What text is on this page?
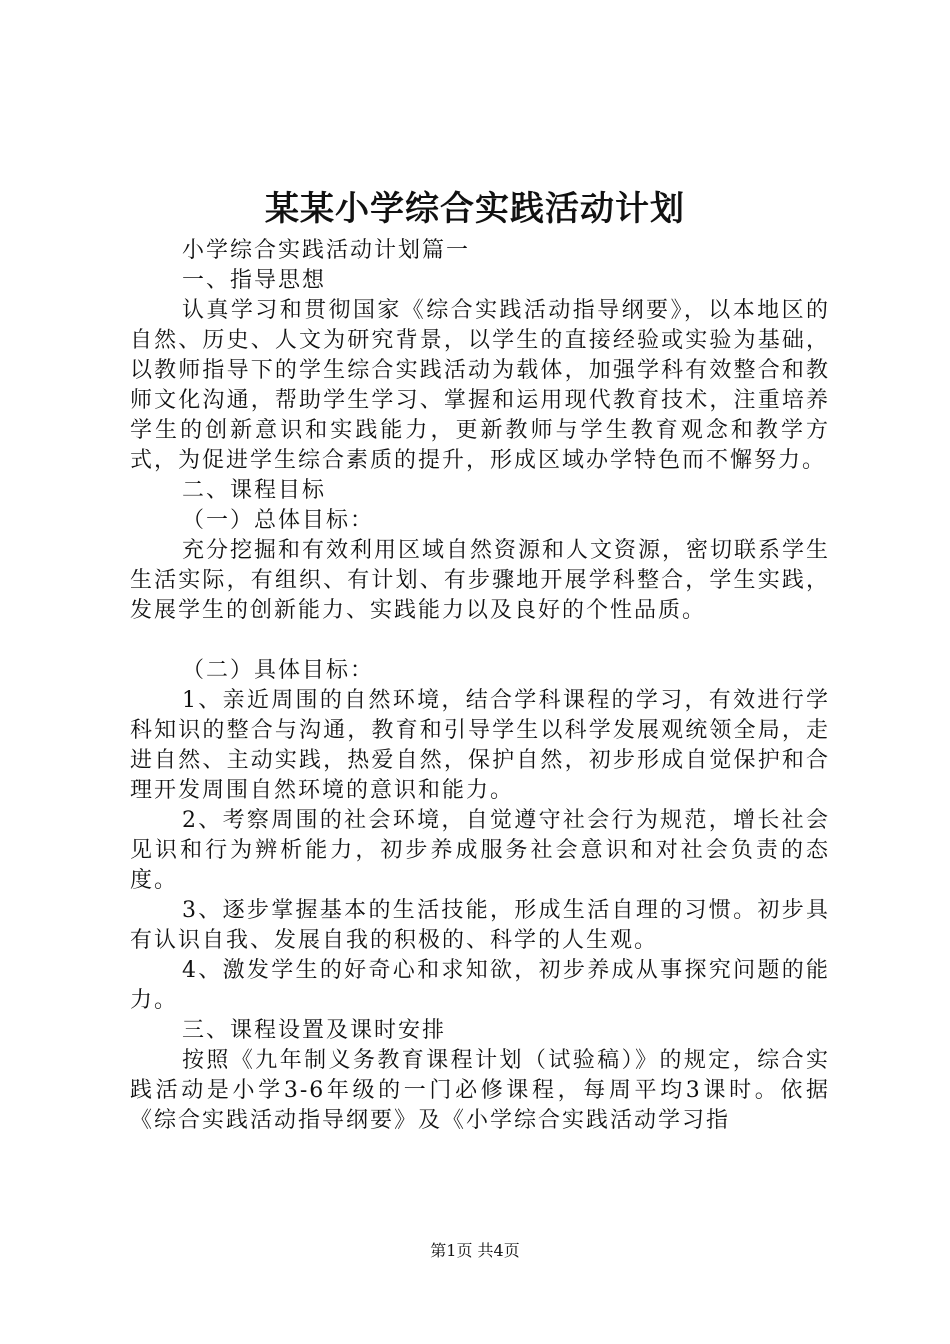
某某小学综合实践活动计划

小学综合实践活动计划篇一

一、指导思想

认真学习和贯彻国家《综合实践活动指导纲要》，以本地区的自然、历史、人文为研究背景，以学生的直接经验或实验为基础，以教师指导下的学生综合实践活动为载体，加强学科有效整合和教师文化沟通，帮助学生学习、掌握和运用现代教育技术，注重培养学生的创新意识和实践能力，更新教师与学生教育观念和教学方式，为促进学生综合素质的提升，形成区域办学特色而不懈努力。

二、课程目标

（一）总体目标：

充分挖掘和有效利用区域自然资源和人文资源，密切联系学生生活实际，有组织、有计划、有步骤地开展学科整合，学生实践，发展学生的创新能力、实践能力以及良好的个性品质。

（二）具体目标：

1、亲近周围的自然环境，结合学科课程的学习，有效进行学科知识的整合与沟通，教育和引导学生以科学发展观统领全局，走进自然、主动实践，热爱自然，保护自然，初步形成自觉保护和合理开发周围自然环境的意识和能力。

2、考察周围的社会环境，自觉遵守社会行为规范，增长社会见识和行为辨析能力，初步养成服务社会意识和对社会负责的态度。

3、逐步掌握基本的生活技能，形成生活自理的习惯。初步具有认识自我、发展自我的积极的、科学的人生观。

4、激发学生的好奇心和求知欲，初步养成从事探究问题的能力。

三、课程设置及课时安排

按照《九年制义务教育课程计划（试验稿）》的规定，综合实践活动是小学3-6年级的一门必修课程，每周平均3课时。依据《综合实践活动指导纲要》及《小学综合实践活动学习指

第1页 共4页
